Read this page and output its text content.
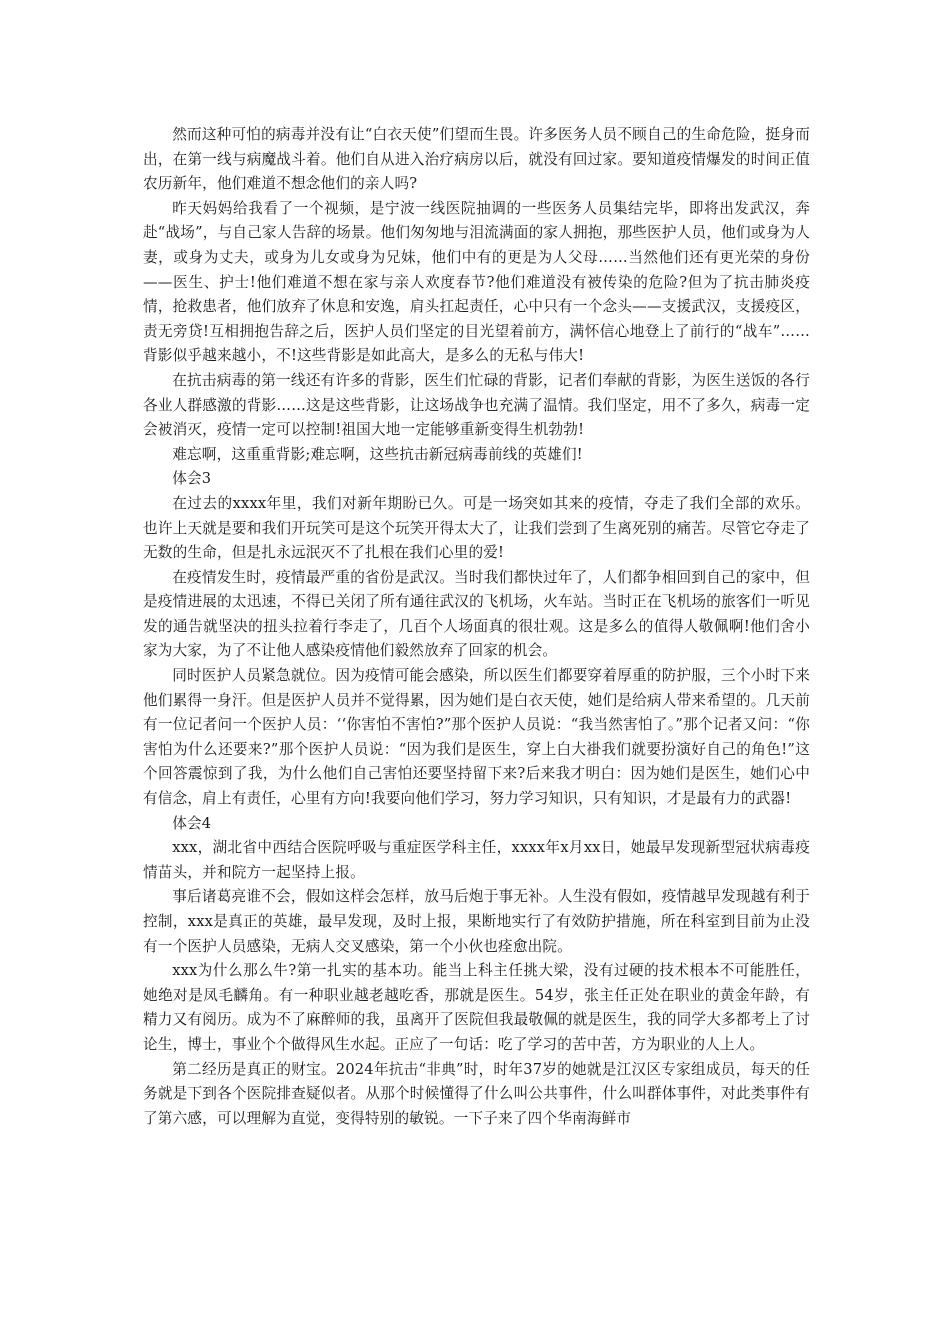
然而这种可怕的病毒并没有让“白衣天使”们望而生畏。许多医务人员不顾自己的生命危险，挺身而出，在第一线与病魔战斗着。他们自从进入治疗病房以后，就没有回过家。要知道疫情爆发的时间正值农历新年，他们难道不想念他们的亲人吗?

昨天妈妈给我看了一个视频，是宁波一线医院抽调的一些医务人员集结完毕，即将出发武汉，奔赴“战场”，与自己家人告辞的场景。他们匆匆地与泪流满面的家人拥抱，那些医护人员，他们或身为人妻，或身为丈夫，或身为儿女或身为兄妹，他们中有的更是为人父母……当然他们还有更光荣的身份——医生、护士!他们难道不想在家与亲人欢度春节?他们难道没有被传染的危险?但为了抗击肺炎疫情，抢救患者，他们放弃了休息和安逸，肩头扛起责任，心中只有一个念头——支援武汉，支援疫区，责无旁贷!互相拥抱告辞之后，医护人员们坚定的目光望着前方，满怀信心地登上了前行的“战车”……背影似乎越来越小，不!这些背影是如此高大，是多么的无私与伟大!

在抗击病毒的第一线还有许多的背影，医生们忙碌的背影，记者们奉献的背影，为医生送饭的各行各业人群感激的背影……这是这些背影，让这场战争也充满了温情。我们坚定，用不了多久，病毒一定会被消灭，疫情一定可以控制!祖国大地一定能够重新变得生机勃勃!

难忘啊，这重重背影;难忘啊，这些抗击新冠病毒前线的英雄们!

体会3

在过去的xxxx年里，我们对新年期盼已久。可是一场突如其来的疫情，夺走了我们全部的欢乐。也许上天就是要和我们开玩笑可是这个玩笑开得太大了，让我们尝到了生离死别的痛苦。尽管它夺走了无数的生命，但是扎永远泯灭不了扎根在我们心里的爱!

在疫情发生时，疫情最严重的省份是武汉。当时我们都快过年了，人们都争相回到自己的家中，但是疫情进展的太迅速，不得已关闭了所有通往武汉的飞机场，火车站。当时正在飞机场的旅客们一听见发的通告就坚决的扭头拉着行李走了，几百个人场面真的很壮观。这是多么的值得人敬佩啊!他们舍小家为大家，为了不让他人感染疫情他们毅然放弃了回家的机会。

同时医护人员紧急就位。因为疫情可能会感染，所以医生们都要穿着厚重的防护服，三个小时下来他们累得一身汗。但是医护人员并不觉得累，因为她们是白衣天使，她们是给病人带来希望的。几天前有一位记者问一个医护人员：‘‘你害怕不害怕?”那个医护人员说：“我当然害怕了。”那个记者又问：“你害怕为什么还要来?”那个医护人员说：“因为我们是医生，穿上白大褂我们就要扮演好自己的角色!”这个回答震惊到了我，为什么他们自己害怕还要坚持留下来?后来我才明白：因为她们是医生，她们心中有信念，肩上有责任，心里有方向!我要向他们学习，努力学习知识，只有知识，才是最有力的武器!

体会4

xxx，湖北省中西结合医院呼吸与重症医学科主任，xxxx年x月xx日，她最早发现新型冠状病毒疫情苗头，并和院方一起坚持上报。

事后诸葛亮谁不会，假如这样会怎样，放马后炮于事无补。人生没有假如，疫情越早发现越有利于控制，xxx是真正的英雄，最早发现，及时上报，果断地实行了有效防护措施，所在科室到目前为止没有一个医护人员感染，无病人交叉感染，第一个小伙也痊愈出院。

xxx为什么那么牛?第一扎实的基本功。能当上科主任挑大梁，没有过硬的技术根本不可能胜任，她绝对是凤毛麟角。有一种职业越老越吃香，那就是医生。54岁，张主任正处在职业的黄金年龄，有精力又有阅历。成为不了麻醉师的我，虽离开了医院但我最敬佩的就是医生，我的同学大多都考上了讨论生，博士，事业个个做得风生水起。正应了一句话：吃了学习的苦中苦，方为职业的人上人。

第二经历是真正的财宝。2024年抗击“非典”时，时年37岁的她就是江汉区专家组成员，每天的任务就是下到各个医院排查疑似者。从那个时候懂得了什么叫公共事件，什么叫群体事件，对此类事件有了第六感，可以理解为直觉，变得特别的敏锐。一下子来了四个华南海鲜市
